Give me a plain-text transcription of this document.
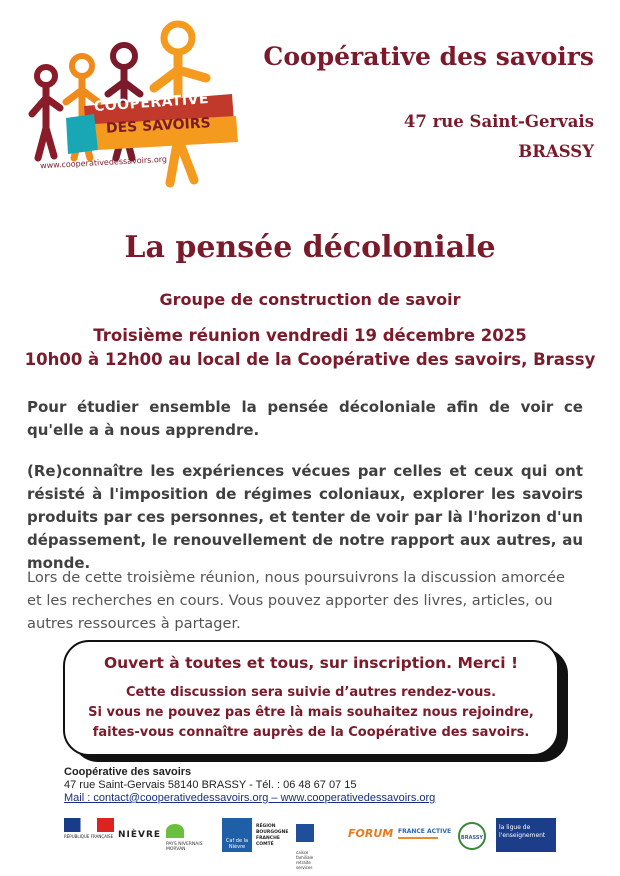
COOPÉRATIVE
DES SAVOIRS
www.cooperativedessavoirs.org
Coopérative des savoirs
47 rue Saint-Gervais
BRASSY
La pensée décoloniale
Groupe de construction de savoir
Troisième réunion vendredi 19 décembre 2025
10h00 à 12h00 au local de la Coopérative des savoirs, Brassy
Pour étudier ensemble la pensée décoloniale afin de voir ce qu'elle a à nous apprendre.
(Re)connaître les expériences vécues par celles et ceux qui ont résisté à l'imposition de régimes coloniaux, explorer les savoirs produits par ces personnes, et tenter de voir par là l'horizon d'un dépassement, le renouvellement de notre rapport aux autres, au monde.
Lors de cette troisième réunion, nous poursuivrons la discussion amorcée et les recherches en cours. Vous pouvez apporter des livres, articles, ou autres ressources à partager.
Ouvert à toutes et tous, sur inscription. Merci !
Cette discussion sera suivie d’autres rendez-vous.
Si vous ne pouvez pas être là mais souhaitez nous rejoindre,
faites-vous connaître auprès de la Coopérative des savoirs.
Coopérative des savoirs
47 rue Saint-Gervais 58140 BRASSY - Tél. : 06 48 67 07 15
Mail : contact@cooperativedessavoirs.org – www.cooperativedessavoirs.org
RÉPUBLIQUE FRANÇAISE NIÈVRE
PAYS NIVERNAIS MORVAN
Caf de la Nièvre
RÉGION BOURGOGNE FRANCHE COMTÉ
caisse familiale retraite services
FORUM FRANCE ACTIVE
BRASSY
la ligue de l'enseignement
